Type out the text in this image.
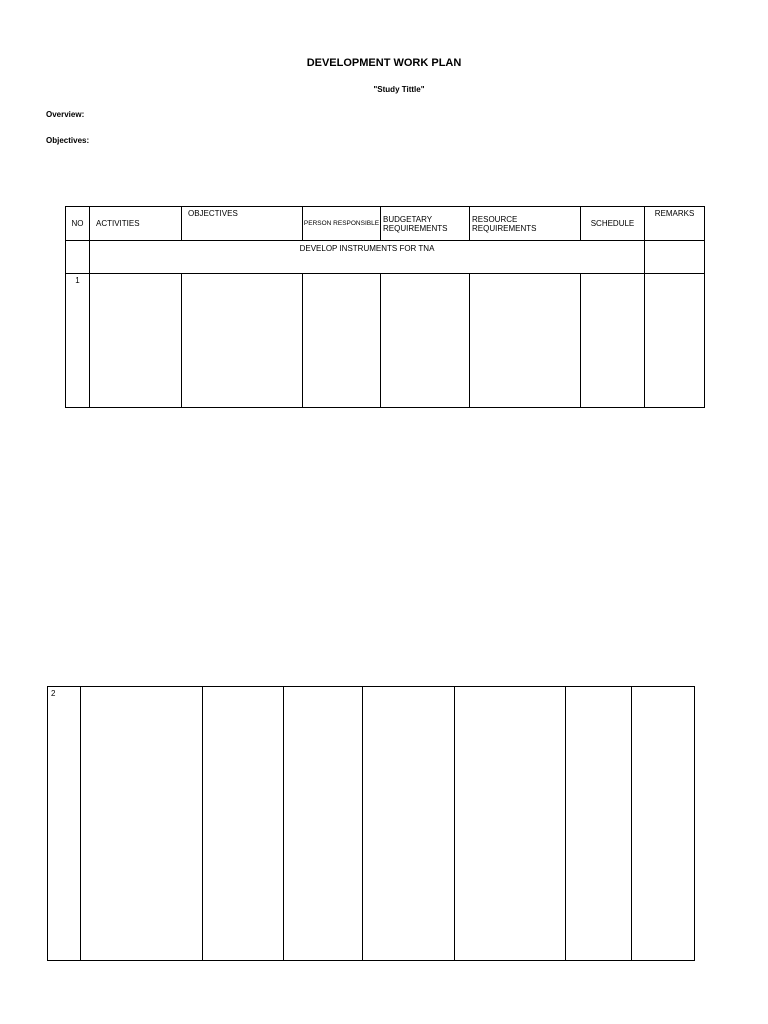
DEVELOPMENT WORK PLAN
"Study Tittle"
Overview:
Objectives:
NO	ACTIVITIES	OBJECTIVES	PERSON RESPONSIBLE	BUDGETARY REQUIREMENTS	RESOURCE REQUIREMENTS	SCHEDULE	REMARKS
	DEVELOP INSTRUMENTS FOR TNA						
1							
2							
